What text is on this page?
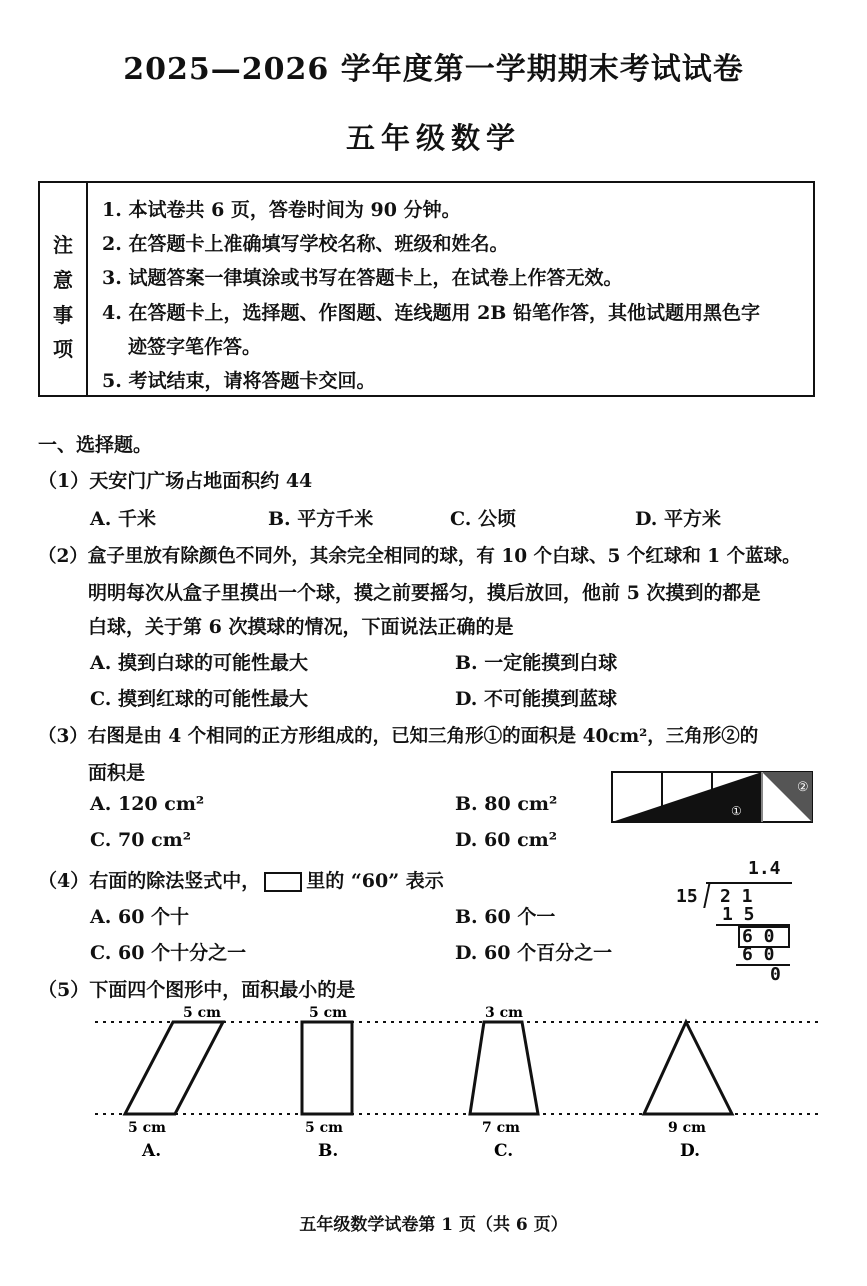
2025—2026 学年度第一学期期末考试试卷
五年级数学
注
意
事
项
1. 本试卷共 6 页，答卷时间为 90 分钟。
2. 在答题卡上准确填写学校名称、班级和姓名。
3. 试题答案一律填涂或书写在答题卡上，在试卷上作答无效。
4. 在答题卡上，选择题、作图题、连线题用 2B 铅笔作答，其他试题用黑色字
迹签字笔作答。
5. 考试结束，请将答题卡交回。
一、选择题。
（1）天安门广场占地面积约 44
A. 千米	B. 平方千米	C. 公顷	D. 平方米
（2）盒子里放有除颜色不同外，其余完全相同的球，有 10 个白球、5 个红球和 1 个蓝球。
明明每次从盒子里摸出一个球，摸之前要摇匀，摸后放回，他前 5 次摸到的都是
白球，关于第 6 次摸球的情况，下面说法正确的是
A. 摸到白球的可能性最大	B. 一定能摸到白球
C. 摸到红球的可能性最大	D. 不可能摸到蓝球
（3）右图是由 4 个相同的正方形组成的，已知三角形①的面积是 40cm²，三角形②的
面积是
A. 120 cm²	B. 80 cm²
C. 70 cm²	D. 60 cm²
②
①
（4）右面的除法竖式中， 里的 “60” 表示
A. 60 个十	B. 60 个一
C. 60 个十分之一	D. 60 个百分之一
1.4
15 2 1
1 5
6 0
6 0
0
（5）下面四个图形中，面积最小的是
5 cm	5 cm	3 cm
5 cm	5 cm	7 cm	9 cm
A.	B.	C.	D.
五年级数学试卷第 1 页（共 6 页）
